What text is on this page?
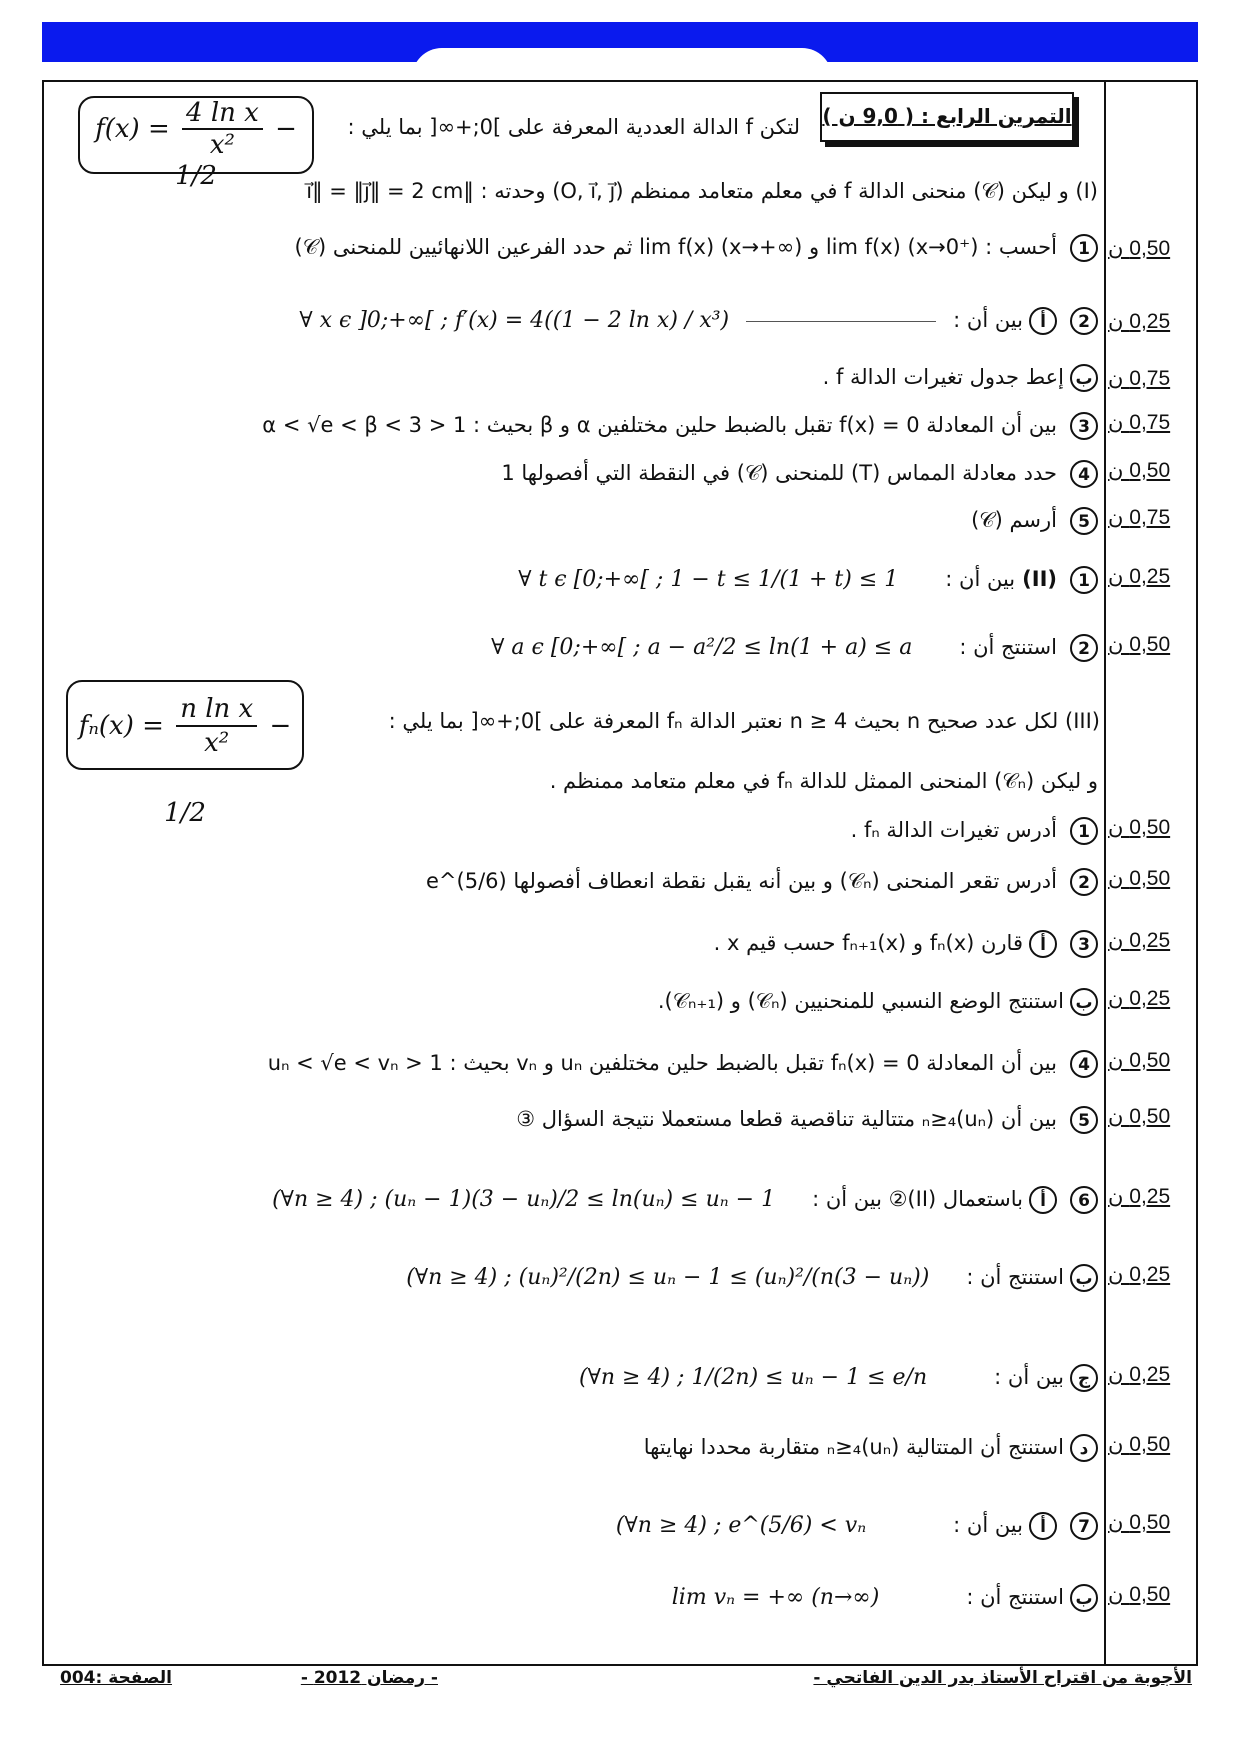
التمرين الرابع : ( 9,0 ن )
$f(x) = \frac{\text{4 ln x}}{\text{x²}} - 1/2$
لتكن f الدالة العددية المعرفة على ]0;+∞[ بما يلي :
(I) و ليكن (𝒞) منحنى الدالة f في معلم متعامد ممنظم (O, i⃗, j⃗) وحدته : ‖i⃗‖ = ‖j⃗‖ = 2 cm
1 أحسب : lim f(x) (x→0⁺) و lim f(x) (x→+∞) ثم حدد الفرعين اللانهائيين للمنحنى (𝒞)	0,50 ن
2 أبين أن :  ∀ x ϵ ]0;+∞[ ; f′(x) = 4((1 − 2 ln x) / x³)	0,25 ن
بإعط جدول تغيرات الدالة f .	0,75 ن
3 بين أن المعادلة f(x) = 0 تقبل بالضبط حلين مختلفين α و β بحيث : 1 < α < √e < β < 3	0,75 ن
4 حدد معادلة المماس (T) للمنحنى (𝒞) في النقطة التي أفصولها 1	0,50 ن
5 أرسم (𝒞)	0,75 ن
1 (II) بين أن : ∀ t ϵ [0;+∞[ ; 1 − t ≤ 1/(1 + t) ≤ 1	0,25 ن
2 استنتج أن : ∀ a ϵ [0;+∞[ ; a − a²/2 ≤ ln(1 + a) ≤ a	0,50 ن
$f_n(x) = \frac{\text{n ln x}}{\text{x²}} - 1/2$
(III) لكل عدد صحيح n بحيث n ≥ 4 نعتبر الدالة fₙ المعرفة على ]0;+∞[ بما يلي :
و ليكن (𝒞ₙ) المنحنى الممثل للدالة fₙ في معلم متعامد ممنظم .
1 أدرس تغيرات الدالة fₙ .	0,50 ن
2 أدرس تقعر المنحنى (𝒞ₙ) و بين أنه يقبل نقطة انعطاف أفصولها e^(5/6)	0,50 ن
3 أقارن fₙ(x) و fₙ₊₁(x) حسب قيم x .	0,25 ن
باستنتج الوضع النسبي للمنحنيين (𝒞ₙ) و (𝒞ₙ₊₁).	0,25 ن
4 بين أن المعادلة fₙ(x) = 0 تقبل بالضبط حلين مختلفين uₙ و vₙ بحيث : 1 < uₙ < √e < vₙ	0,50 ن
5 بين أن (uₙ)ₙ≥₄ متتالية تناقصية قطعا مستعملا نتيجة السؤال ③	0,50 ن
6 أباستعمال (II)② بين أن : (∀n ≥ 4) ; (uₙ − 1)(3 − uₙ)/2 ≤ ln(uₙ) ≤ uₙ − 1	0,25 ن
باستنتج أن : (∀n ≥ 4) ; (uₙ)²/(2n) ≤ uₙ − 1 ≤ (uₙ)²/(n(3 − uₙ))	0,25 ن
جبين أن : (∀n ≥ 4) ; 1/(2n) ≤ uₙ − 1 ≤ e/n	0,25 ن
داستنتج أن المتتالية (uₙ)ₙ≥₄ متقاربة محددا نهايتها	0,50 ن
7 أبين أن : (∀n ≥ 4) ; e^(5/6) < vₙ	0,50 ن
باستنتج أن : lim vₙ = +∞ (n→∞)	0,50 ن
الأجوبة من اقتراح الأستاذ بدر الدين الفاتحي -
- رمضان 2012 -
الصفحة :004
